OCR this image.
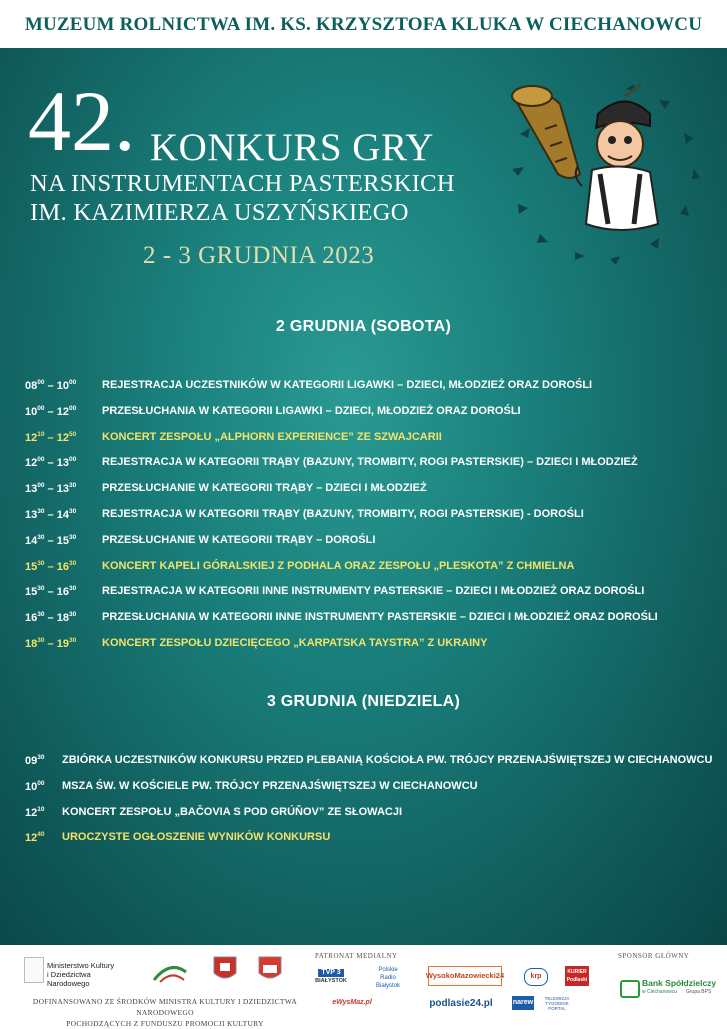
MUZEUM ROLNICTWA IM. KS. KRZYSZTOFA KLUKA W CIECHANOWCU
42. KONKURS GRY
NA INSTRUMENTACH PASTERSKICH
IM. KAZIMIERZA USZYŃSKIEGO
2 - 3 GRUDNIA 2023
2 GRUDNIA (SOBOTA)
$08^{00} - 10^{00}$ REJESTRACJA UCZESTNIKÓW W KATEGORII LIGAWKI – DZIECI, MŁODZIEŻ ORAZ DOROŚLI
$10^{00} - 12^{00}$ PRZESŁUCHANIA W KATEGORII LIGAWKI – DZIECI, MŁODZIEŻ ORAZ DOROŚLI
$12^{10} - 12^{50}$ KONCERT ZESPOŁU „ALPHORN EXPERIENCE” ZE SZWAJCARII
$12^{00} - 13^{00}$ REJESTRACJA W KATEGORII TRĄBY (BAZUNY, TROMBITY, ROGI PASTERSKIE) – DZIECI I MŁODZIEŻ
$13^{00} - 13^{30}$ PRZESŁUCHANIE W KATEGORII TRĄBY – DZIECI I MŁODZIEŻ
$13^{30} - 14^{30}$ REJESTRACJA W KATEGORII TRĄBY (BAZUNY, TROMBITY, ROGI PASTERSKIE) - DOROŚLI
$14^{30} - 15^{30}$ PRZESŁUCHANIE W KATEGORII TRĄBY – DOROŚLI
$15^{30} - 16^{30}$ KONCERT KAPELI GÓRALSKIEJ Z PODHALA ORAZ ZESPOŁU „PLESKOTA” Z CHMIELNA
$15^{30} - 16^{30}$ REJESTRACJA W KATEGORII INNE INSTRUMENTY PASTERSKIE – DZIECI I MŁODZIEŻ ORAZ DOROŚLI
$16^{30} - 18^{30}$ PRZESŁUCHANIA W KATEGORII INNE INSTRUMENTY PASTERSKIE – DZIECI I MŁODZIEŻ ORAZ DOROŚLI
$18^{30} - 19^{30}$ KONCERT ZESPOŁU DZIECIĘCEGO „KARPATSKA TAYSTRA” Z UKRAINY
3 GRUDNIA (NIEDZIELA)
$09^{30}$ ZBIÓRKA UCZESTNIKÓW KONKURSU PRZED PLEBANIĄ KOŚCIOŁA PW. TRÓJCY PRZENAJŚWIĘTSZEJ W CIECHANOWCU
$10^{00}$ MSZA ŚW. W KOŚCIELE PW. TRÓJCY PRZENAJŚWIĘTSZEJ W CIECHANOWCU
$12^{10}$ KONCERT ZESPOŁU „BAČOVIA S POD GRÚŇOV” ZE SŁOWACJI
$12^{40}$ UROCZYSTE OGŁOSZENIE WYNIKÓW KONKURSU
Ministerstwo Kultury
i Dziedzictwa Narodowego
DOFINANSOWANO ZE ŚRODKÓW MINISTRA KULTURY I DZIEDZICTWA NARODOWEGO
POCHODZĄCYCH Z FUNDUSZU PROMOCJI KULTURY
PATRONAT MEDIALNY	SPONSOR GŁÓWNY
TVP 3
BIAŁYSTOK
Polskie Radio Białystok
WysokoMazowiecki24	krp
KURIER Podlaski
eWysMaz.pl	podlasie24.pl	narew
TELEWIZJA TYGODNIK PORTAL
Bank Spółdzielczy
w Ciechanowcu Grupa BPS
